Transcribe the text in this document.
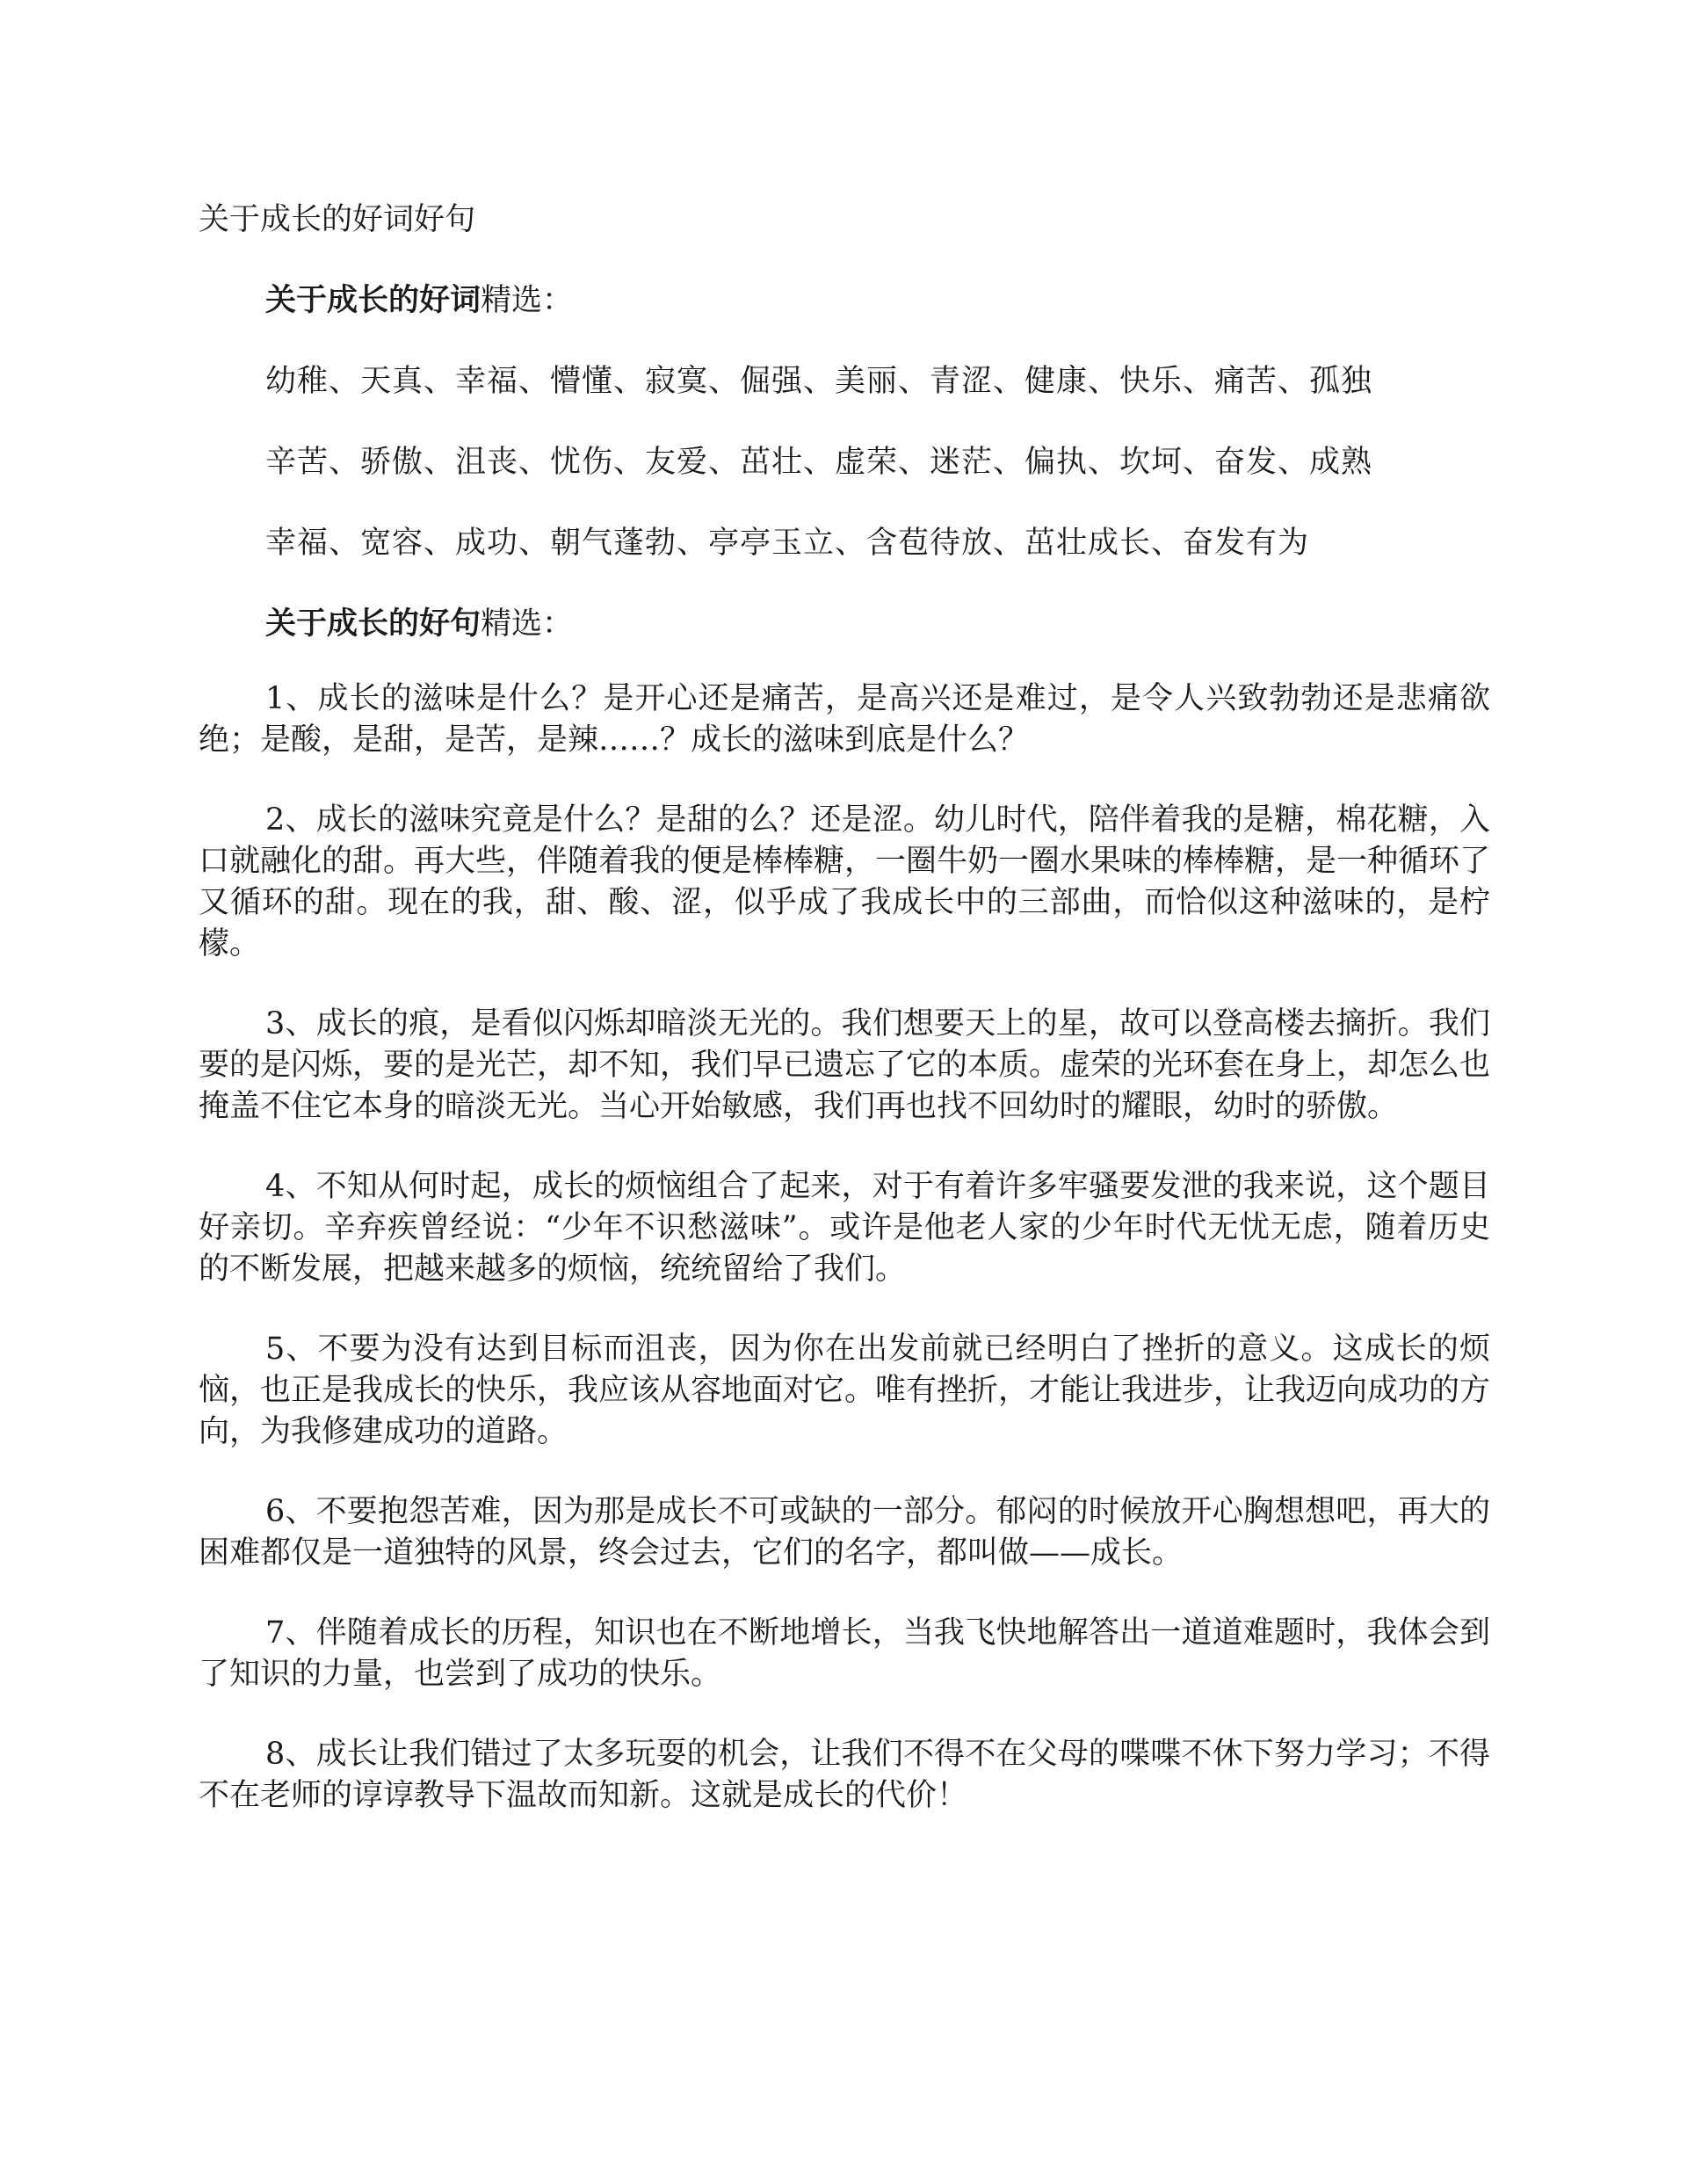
关于成长的好词好句
关于成长的好词精选：
幼稚、天真、幸福、懵懂、寂寞、倔强、美丽、青涩、健康、快乐、痛苦、孤独
辛苦、骄傲、沮丧、忧伤、友爱、茁壮、虚荣、迷茫、偏执、坎坷、奋发、成熟
幸福、宽容、成功、朝气蓬勃、亭亭玉立、含苞待放、茁壮成长、奋发有为
关于成长的好句精选：

1、成长的滋味是什么？是开心还是痛苦，是高兴还是难过，是令人兴致勃勃还是悲痛欲绝；是酸，是甜，是苦，是辣……？成长的滋味到底是什么？

2、成长的滋味究竟是什么？是甜的么？还是涩。幼儿时代，陪伴着我的是糖，棉花糖，入口就融化的甜。再大些，伴随着我的便是棒棒糖，一圈牛奶一圈水果味的棒棒糖，是一种循环了又循环的甜。现在的我，甜、酸、涩，似乎成了我成长中的三部曲，而恰似这种滋味的，是柠檬。

3、成长的痕，是看似闪烁却暗淡无光的。我们想要天上的星，故可以登高楼去摘折。我们要的是闪烁，要的是光芒，却不知，我们早已遗忘了它的本质。虚荣的光环套在身上，却怎么也掩盖不住它本身的暗淡无光。当心开始敏感，我们再也找不回幼时的耀眼，幼时的骄傲。

4、不知从何时起，成长的烦恼组合了起来，对于有着许多牢骚要发泄的我来说，这个题目好亲切。辛弃疾曾经说：“少年不识愁滋味”。或许是他老人家的少年时代无忧无虑，随着历史的不断发展，把越来越多的烦恼，统统留给了我们。

5、不要为没有达到目标而沮丧，因为你在出发前就已经明白了挫折的意义。这成长的烦恼，也正是我成长的快乐，我应该从容地面对它。唯有挫折，才能让我进步，让我迈向成功的方向，为我修建成功的道路。

6、不要抱怨苦难，因为那是成长不可或缺的一部分。郁闷的时候放开心胸想想吧，再大的困难都仅是一道独特的风景，终会过去，它们的名字，都叫做——成长。

7、伴随着成长的历程，知识也在不断地增长，当我飞快地解答出一道道难题时，我体会到了知识的力量，也尝到了成功的快乐。

8、成长让我们错过了太多玩耍的机会，让我们不得不在父母的喋喋不休下努力学习；不得不在老师的谆谆教导下温故而知新。这就是成长的代价！
